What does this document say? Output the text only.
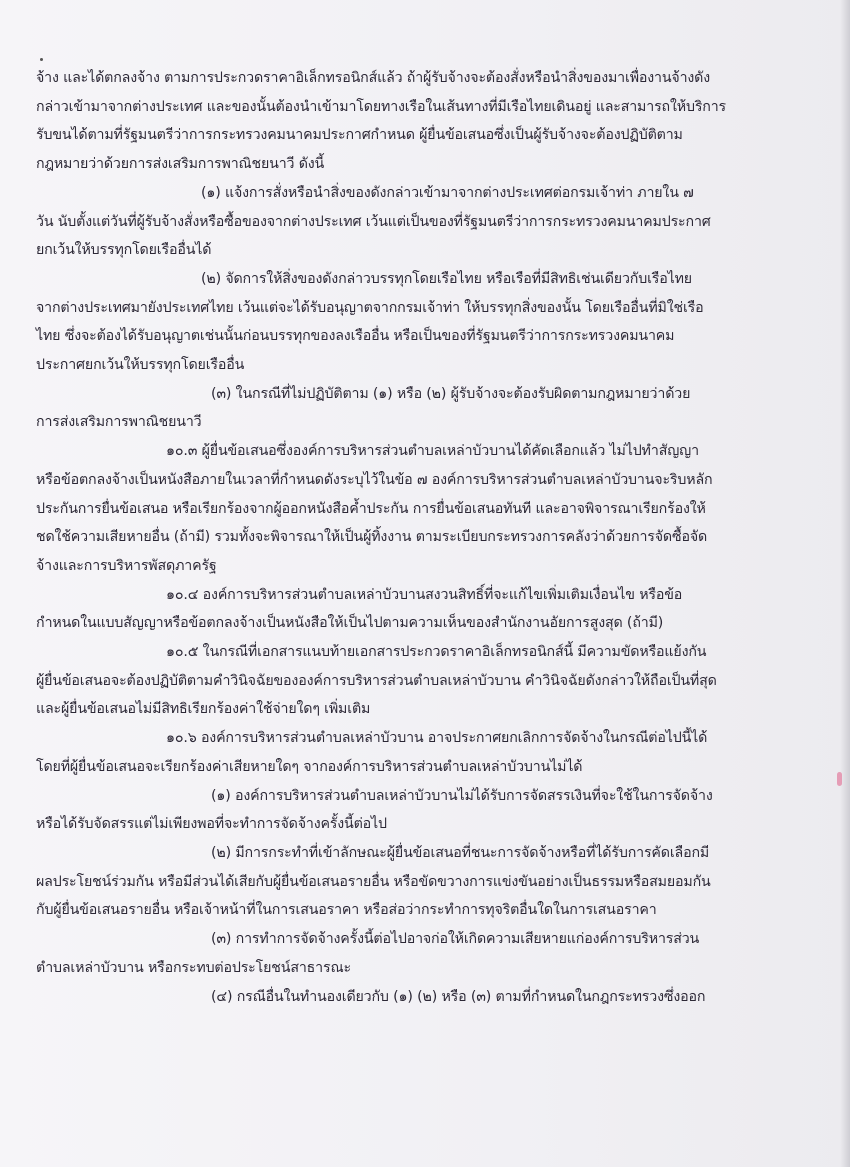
จ้าง และได้ตกลงจ้าง ตามการประกวดราคาอิเล็กทรอนิกส์แล้ว ถ้าผู้รับจ้างจะต้องสั่งหรือนำสิ่งของมาเพื่องานจ้างดัง
กล่าวเข้ามาจากต่างประเทศ และของนั้นต้องนำเข้ามาโดยทางเรือในเส้นทางที่มีเรือไทยเดินอยู่ และสามารถให้บริการ
รับขนได้ตามที่รัฐมนตรีว่าการกระทรวงคมนาคมประกาศกำหนด ผู้ยื่นข้อเสนอซึ่งเป็นผู้รับจ้างจะต้องปฏิบัติตาม
กฎหมายว่าด้วยการส่งเสริมการพาณิชยนาวี ดังนี้
(๑) แจ้งการสั่งหรือนำสิ่งของดังกล่าวเข้ามาจากต่างประเทศต่อกรมเจ้าท่า ภายใน ๗
วัน นับตั้งแต่วันที่ผู้รับจ้างสั่งหรือซื้อของจากต่างประเทศ เว้นแต่เป็นของที่รัฐมนตรีว่าการกระทรวงคมนาคมประกาศ
ยกเว้นให้บรรทุกโดยเรืออื่นได้
(๒) จัดการให้สิ่งของดังกล่าวบรรทุกโดยเรือไทย หรือเรือที่มีสิทธิเช่นเดียวกับเรือไทย
จากต่างประเทศมายังประเทศไทย เว้นแต่จะได้รับอนุญาตจากกรมเจ้าท่า ให้บรรทุกสิ่งของนั้น โดยเรืออื่นที่มิใช่เรือ
ไทย ซึ่งจะต้องได้รับอนุญาตเช่นนั้นก่อนบรรทุกของลงเรืออื่น หรือเป็นของที่รัฐมนตรีว่าการกระทรวงคมนาคม
ประกาศยกเว้นให้บรรทุกโดยเรืออื่น
(๓) ในกรณีที่ไม่ปฏิบัติตาม (๑) หรือ (๒) ผู้รับจ้างจะต้องรับผิดตามกฎหมายว่าด้วย
การส่งเสริมการพาณิชยนาวี
๑๐.๓ ผู้ยื่นข้อเสนอซึ่งองค์การบริหารส่วนตำบลเหล่าบัวบานได้คัดเลือกแล้ว ไม่ไปทำสัญญา
หรือข้อตกลงจ้างเป็นหนังสือภายในเวลาที่กำหนดดังระบุไว้ในข้อ ๗ องค์การบริหารส่วนตำบลเหล่าบัวบานจะริบหลัก
ประกันการยื่นข้อเสนอ หรือเรียกร้องจากผู้ออกหนังสือค้ำประกัน การยื่นข้อเสนอทันที และอาจพิจารณาเรียกร้องให้
ชดใช้ความเสียหายอื่น (ถ้ามี) รวมทั้งจะพิจารณาให้เป็นผู้ทิ้งงาน ตามระเบียบกระทรวงการคลังว่าด้วยการจัดซื้อจัด
จ้างและการบริหารพัสดุภาครัฐ
๑๐.๔ องค์การบริหารส่วนตำบลเหล่าบัวบานสงวนสิทธิ์ที่จะแก้ไขเพิ่มเติมเงื่อนไข หรือข้อ
กำหนดในแบบสัญญาหรือข้อตกลงจ้างเป็นหนังสือให้เป็นไปตามความเห็นของสำนักงานอัยการสูงสุด (ถ้ามี)
๑๐.๕ ในกรณีที่เอกสารแนบท้ายเอกสารประกวดราคาอิเล็กทรอนิกส์นี้ มีความขัดหรือแย้งกัน
ผู้ยื่นข้อเสนอจะต้องปฏิบัติตามคำวินิจฉัยขององค์การบริหารส่วนตำบลเหล่าบัวบาน คำวินิจฉัยดังกล่าวให้ถือเป็นที่สุด
และผู้ยื่นข้อเสนอไม่มีสิทธิเรียกร้องค่าใช้จ่ายใดๆ เพิ่มเติม
๑๐.๖ องค์การบริหารส่วนตำบลเหล่าบัวบาน อาจประกาศยกเลิกการจัดจ้างในกรณีต่อไปนี้ได้
โดยที่ผู้ยื่นข้อเสนอจะเรียกร้องค่าเสียหายใดๆ จากองค์การบริหารส่วนตำบลเหล่าบัวบานไม่ได้
(๑) องค์การบริหารส่วนตำบลเหล่าบัวบานไม่ได้รับการจัดสรรเงินที่จะใช้ในการจัดจ้าง
หรือได้รับจัดสรรแต่ไม่เพียงพอที่จะทำการจัดจ้างครั้งนี้ต่อไป
(๒) มีการกระทำที่เข้าลักษณะผู้ยื่นข้อเสนอที่ชนะการจัดจ้างหรือที่ได้รับการคัดเลือกมี
ผลประโยชน์ร่วมกัน หรือมีส่วนได้เสียกับผู้ยื่นข้อเสนอรายอื่น หรือขัดขวางการแข่งขันอย่างเป็นธรรมหรือสมยอมกัน
กับผู้ยื่นข้อเสนอรายอื่น หรือเจ้าหน้าที่ในการเสนอราคา หรือส่อว่ากระทำการทุจริตอื่นใดในการเสนอราคา
(๓) การทำการจัดจ้างครั้งนี้ต่อไปอาจก่อให้เกิดความเสียหายแก่องค์การบริหารส่วน
ตำบลเหล่าบัวบาน หรือกระทบต่อประโยชน์สาธารณะ
(๔) กรณีอื่นในทำนองเดียวกับ (๑) (๒) หรือ (๓) ตามที่กำหนดในกฎกระทรวงซึ่งออก
